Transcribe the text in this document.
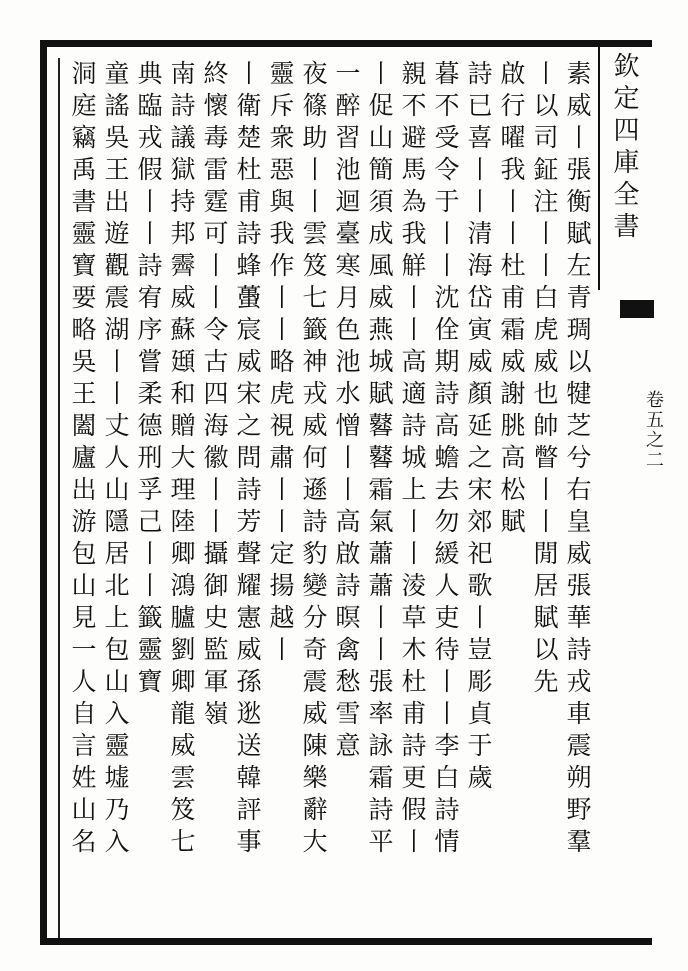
欽定四庫全書
卷五之二
素威丨張衡賦左青琱以犍芝兮右皇威張華詩戎車震朔野羣
丨以司鉦注丨丨白虎威也帥瞥丨丨閒居賦以先
啟行曜我丨丨杜甫霜威謝朓高松賦
詩已喜丨丨清海岱寅威顏延之宋郊祀歌丨豈彫貞于歲
暮不受令于丨丨沈佺期詩高蟾去勿緩人吏待丨丨李白詩情
親不避馬為我觧丨丨高適詩城上丨丨淩草木杜甫詩更假丨
丨促山簡須成風威燕城賦鼛鼛霜氣蕭蕭丨丨張率詠霜詩平
一醉習池迴臺寒月色池水憎丨丨高啟詩暝禽愁雪意
夜篠助丨丨雲笈七籤神戎威何遜詩豹變分奇震威陳樂辭大
靈斥衆惡與我作丨丨略虎視肅丨丨定揚越丨
丨衛楚杜甫詩蜂蠆宸威宋之問詩芳聲耀憲威孫逖送韓評事
終懷毒雷霆可丨丨令古四海徽丨丨攝御史監軍嶺
南詩議獄持邦霽威蘇頲和贈大理陸卿鴻臚劉卿龍威雲笈七
典臨戎假丨丨詩宥序嘗柔德刑孚己丨丨籤靈寶
童謠吳王出遊觀震湖丨丨丈人山隱居北上包山入靈墟乃入
洞庭竊禹書靈寶要略吳王闔廬出游包山見一人自言姓山名
